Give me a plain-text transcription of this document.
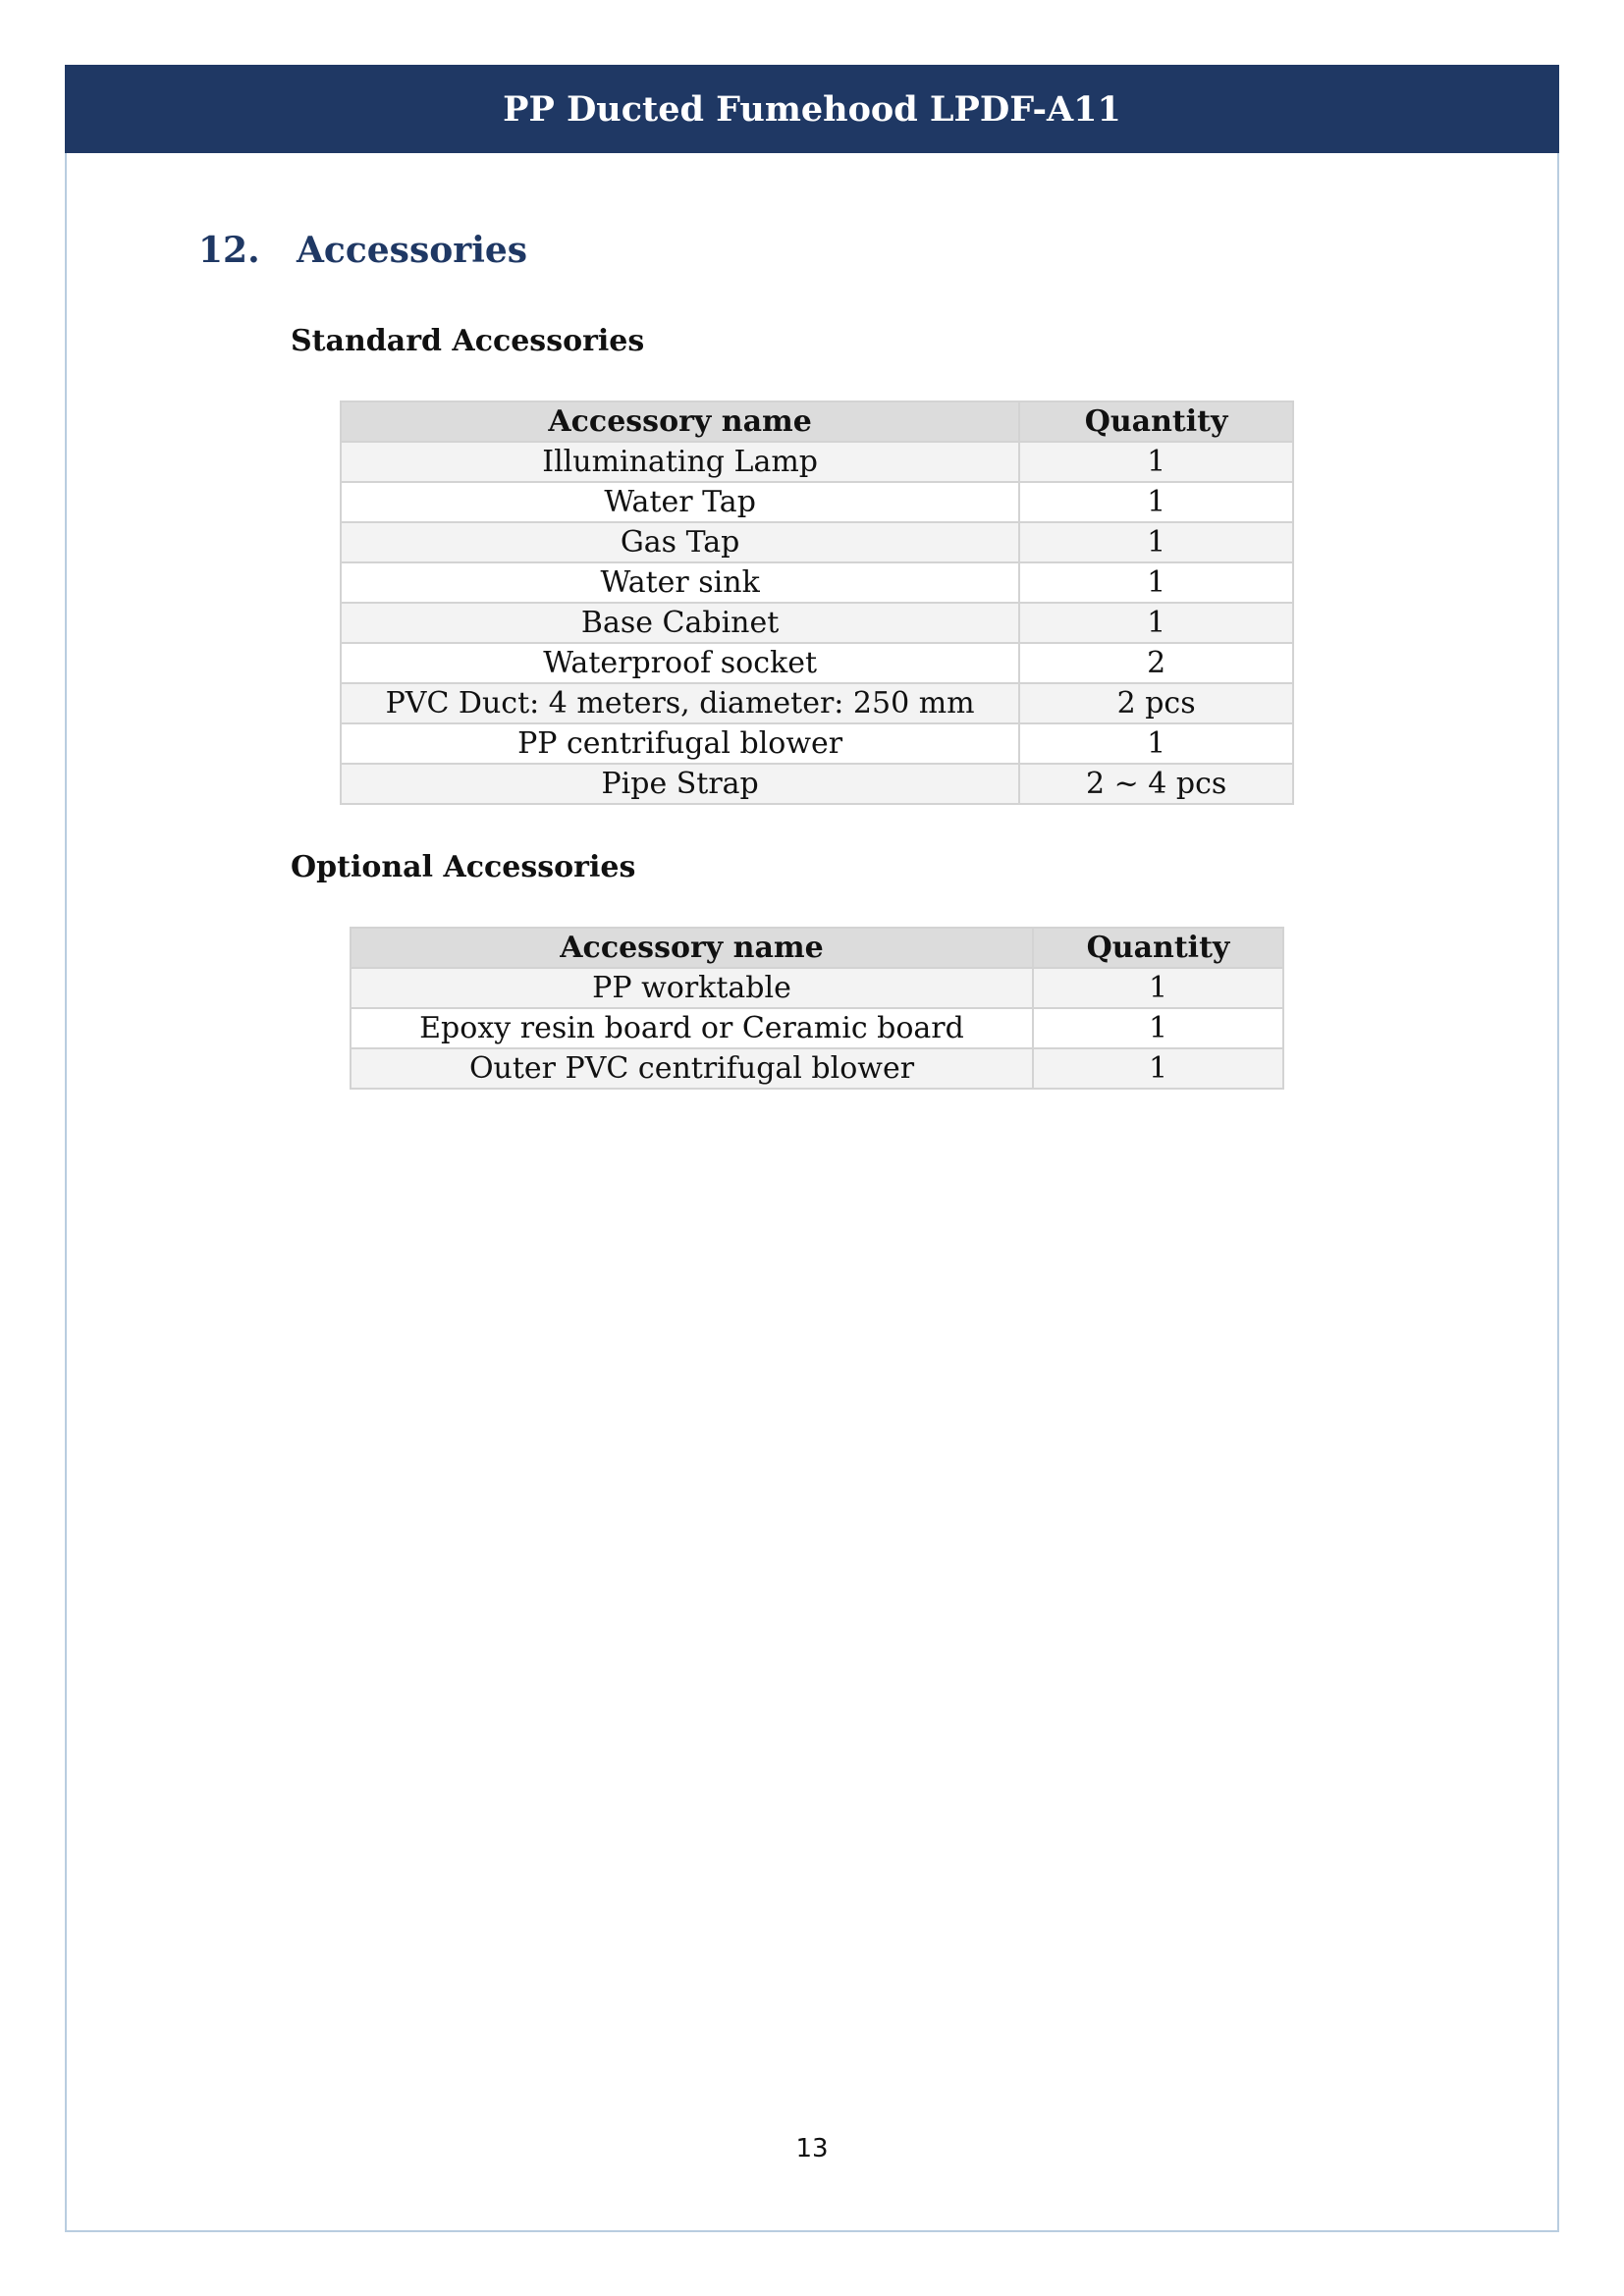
PP Ducted Fumehood LPDF-A11
12.	Accessories
Standard Accessories
Accessory name	Quantity
Illuminating Lamp	1
Water Tap	1
Gas Tap	1
Water sink	1
Base Cabinet	1
Waterproof socket	2
PVC Duct: 4 meters, diameter: 250 mm	2 pcs
PP centrifugal blower	1
Pipe Strap	2 ~ 4 pcs
Optional Accessories
Accessory name	Quantity
PP worktable	1
Epoxy resin board or Ceramic board	1
Outer PVC centrifugal blower	1
13
